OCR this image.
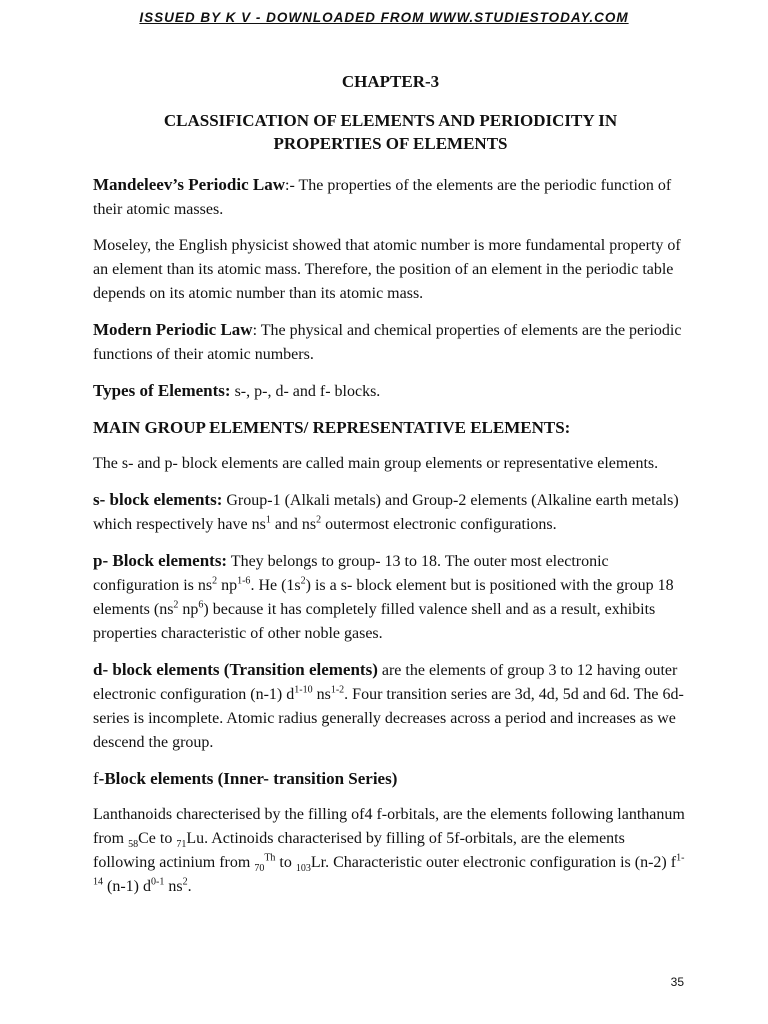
ISSUED BY K V - DOWNLOADED FROM WWW.STUDIESTODAY.COM
CHAPTER-3
CLASSIFICATION OF ELEMENTS AND PERIODICITY IN
PROPERTIES OF ELEMENTS

Mandeleev’s Periodic Law:- The properties of the elements are the periodic function of their atomic masses.

Moseley, the English physicist showed that atomic number is more fundamental property of an element than its atomic mass. Therefore, the position of an element in the periodic table depends on its atomic number than its atomic mass.

Modern Periodic Law: The physical and chemical properties of elements are the periodic functions of their atomic numbers.

Types of Elements: s-, p-, d- and f- blocks.

MAIN GROUP ELEMENTS/ REPRESENTATIVE ELEMENTS:

The s- and p- block elements are called main group elements or representative elements.

s- block elements: Group-1 (Alkali metals) and Group-2 elements (Alkaline earth metals) which respectively have $ns^1$ and $ns^2$ outermost electronic configurations.

p- Block elements: They belongs to group- 13 to 18. The outer most electronic configuration is $ns^2$ $np^{1-6}$. He $(1s^2)$ is a s- block element but is positioned with the group 18 elements ($ns^2$ $np^6$) because it has completely filled valence shell and as a result, exhibits properties characteristic of other noble gases.

d- block elements (Transition elements) are the elements of group 3 to 12 having outer electronic configuration (n-1) $d^{1-10}$ $ns^{1-2}$. Four transition series are 3d, 4d, 5d and 6d. The 6d- series is incomplete. Atomic radius generally decreases across a period and increases as we descend the group.

f-Block elements (Inner- transition Series)

Lanthanoids charecterised by the filling of4 f-orbitals, are the elements following lanthanum from $_{58}$Ce to $_{71}$Lu. Actinoids characterised by filling of 5f-orbitals, are the elements following actinium from $_{70}^{Th}$ to $_{103}$Lr. Characteristic outer electronic configuration is (n-2) $f^{1-14}$ (n-1) $d^{0-1}$ $ns^2$.

35
